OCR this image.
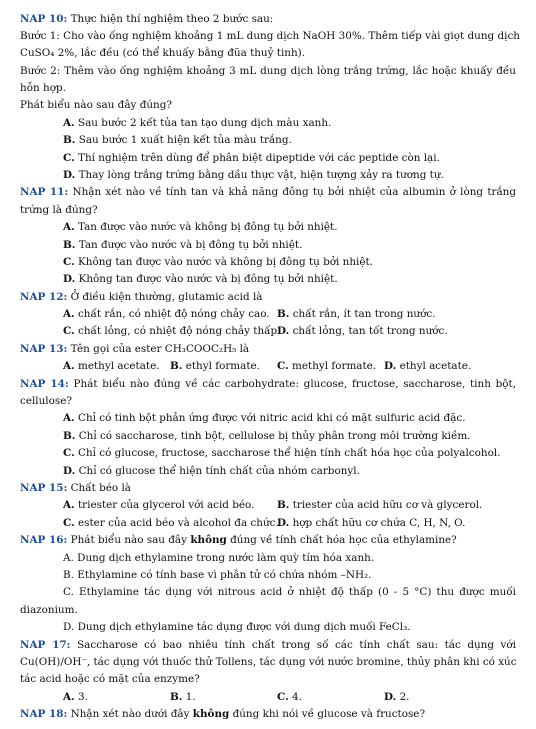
NAP 10: Thực hiện thí nghiệm theo 2 bước sau:
Bước 1: Cho vào ống nghiệm khoảng 1 mL dung dịch NaOH 30%. Thêm tiếp vài giọt dung dịch
CuSO₄ 2%, lắc đều (có thể khuấy bằng đũa thuỷ tinh).
Bước 2: Thêm vào ống nghiệm khoảng 3 mL dung dịch lòng trắng trứng, lắc hoặc khuấy đều
hỗn hợp.
Phát biểu nào sau đây đúng?
A. Sau bước 2 kết tủa tan tạo dung dịch màu xanh.
B. Sau bước 1 xuất hiện kết tủa màu trắng.
C. Thí nghiệm trên dùng để phân biệt dipeptide với các peptide còn lại.
D. Thay lòng trắng trứng bằng dầu thực vật, hiện tượng xảy ra tương tự.
NAP 11: Nhận xét nào về tính tan và khả năng đông tụ bởi nhiệt của albumin ở lòng trắng
trứng là đúng?
A. Tan được vào nước và không bị đông tụ bởi nhiệt.
B. Tan được vào nước và bị đông tụ bởi nhiệt.
C. Không tan được vào nước và không bị đông tụ bởi nhiệt.
D. Không tan được vào nước và bị đông tụ bởi nhiệt.
NAP 12: Ở điều kiện thường, glutamic acid là
A. chất rắn, có nhiệt độ nóng chảy cao. B. chất rắn, ít tan trong nước.
C. chất lỏng, có nhiệt độ nóng chảy thấp.
D. chất lỏng, tan tốt trong nước.
NAP 13: Tên gọi của ester CH₃COOC₂H₅ là
A. methyl acetate. B. ethyl formate. C. methyl formate. D. ethyl acetate.
NAP 14: Phát biểu nào đúng về các carbohydrate: glucose, fructose, saccharose, tinh bột,
cellulose?
A. Chỉ có tinh bột phản ứng được với nitric acid khi có mặt sulfuric acid đặc.
B. Chỉ có saccharose, tinh bột, cellulose bị thủy phân trong môi trường kiềm.
C. Chỉ có glucose, fructose, saccharose thể hiện tính chất hóa học của polyalcohol.
D. Chỉ có glucose thể hiện tính chất của nhóm carbonyl.
NAP 15: Chất béo là
A. triester của glycerol với acid béo. B. triester của acid hữu cơ và glycerol.
C. ester của acid béo và alcohol đa chức.
D. hợp chất hữu cơ chứa C, H, N, O.
NAP 16: Phát biểu nào sau đây không đúng về tính chất hóa học của ethylamine?
A. Dung dịch ethylamine trong nước làm quỳ tím hóa xanh.
B. Ethylamine có tính base vì phân tử có chứa nhóm –NH₂.
C. Ethylamine tác dụng với nitrous acid ở nhiệt độ thấp (0 - 5 °C) thu được muối
diazonium.
D. Dung dịch ethylamine tác dụng được với dung dịch muối FeCl₃.
NAP 17: Saccharose có bao nhiêu tính chất trong số các tính chất sau: tác dụng với
Cu(OH)/OH⁻, tác dụng với thuốc thử Tollens, tác dụng với nước bromine, thủy phân khi có xúc
tác acid hoặc có mặt của enzyme?
A. 3.	B. 1.	C. 4.	D. 2.
NAP 18: Nhận xét nào dưới đây không đúng khi nói về glucose và fructose?
